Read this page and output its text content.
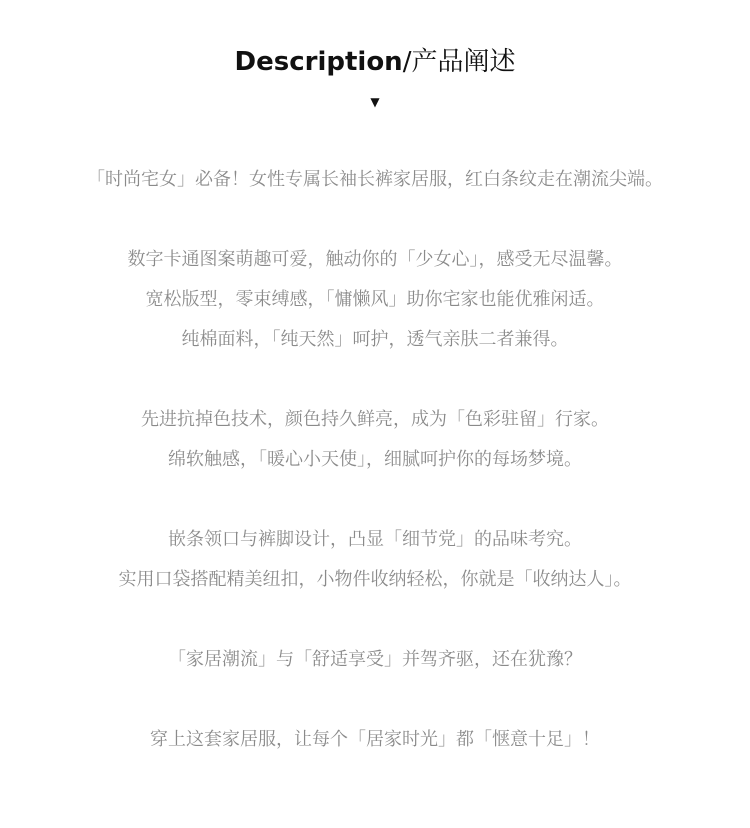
Description/产品阐述
▼
「时尚宅女」必备！女性专属长袖长裤家居服，红白条纹走在潮流尖端。
数字卡通图案萌趣可爱，触动你的「少女心」，感受无尽温馨。
宽松版型，零束缚感，「慵懒风」助你宅家也能优雅闲适。
纯棉面料，「纯天然」呵护，透气亲肤二者兼得。
先进抗掉色技术，颜色持久鲜亮，成为「色彩驻留」行家。
绵软触感，「暖心小天使」，细腻呵护你的每场梦境。
嵌条领口与裤脚设计，凸显「细节党」的品味考究。
实用口袋搭配精美纽扣，小物件收纳轻松，你就是「收纳达人」。
「家居潮流」与「舒适享受」并驾齐驱，还在犹豫？
穿上这套家居服，让每个「居家时光」都「惬意十足」！
